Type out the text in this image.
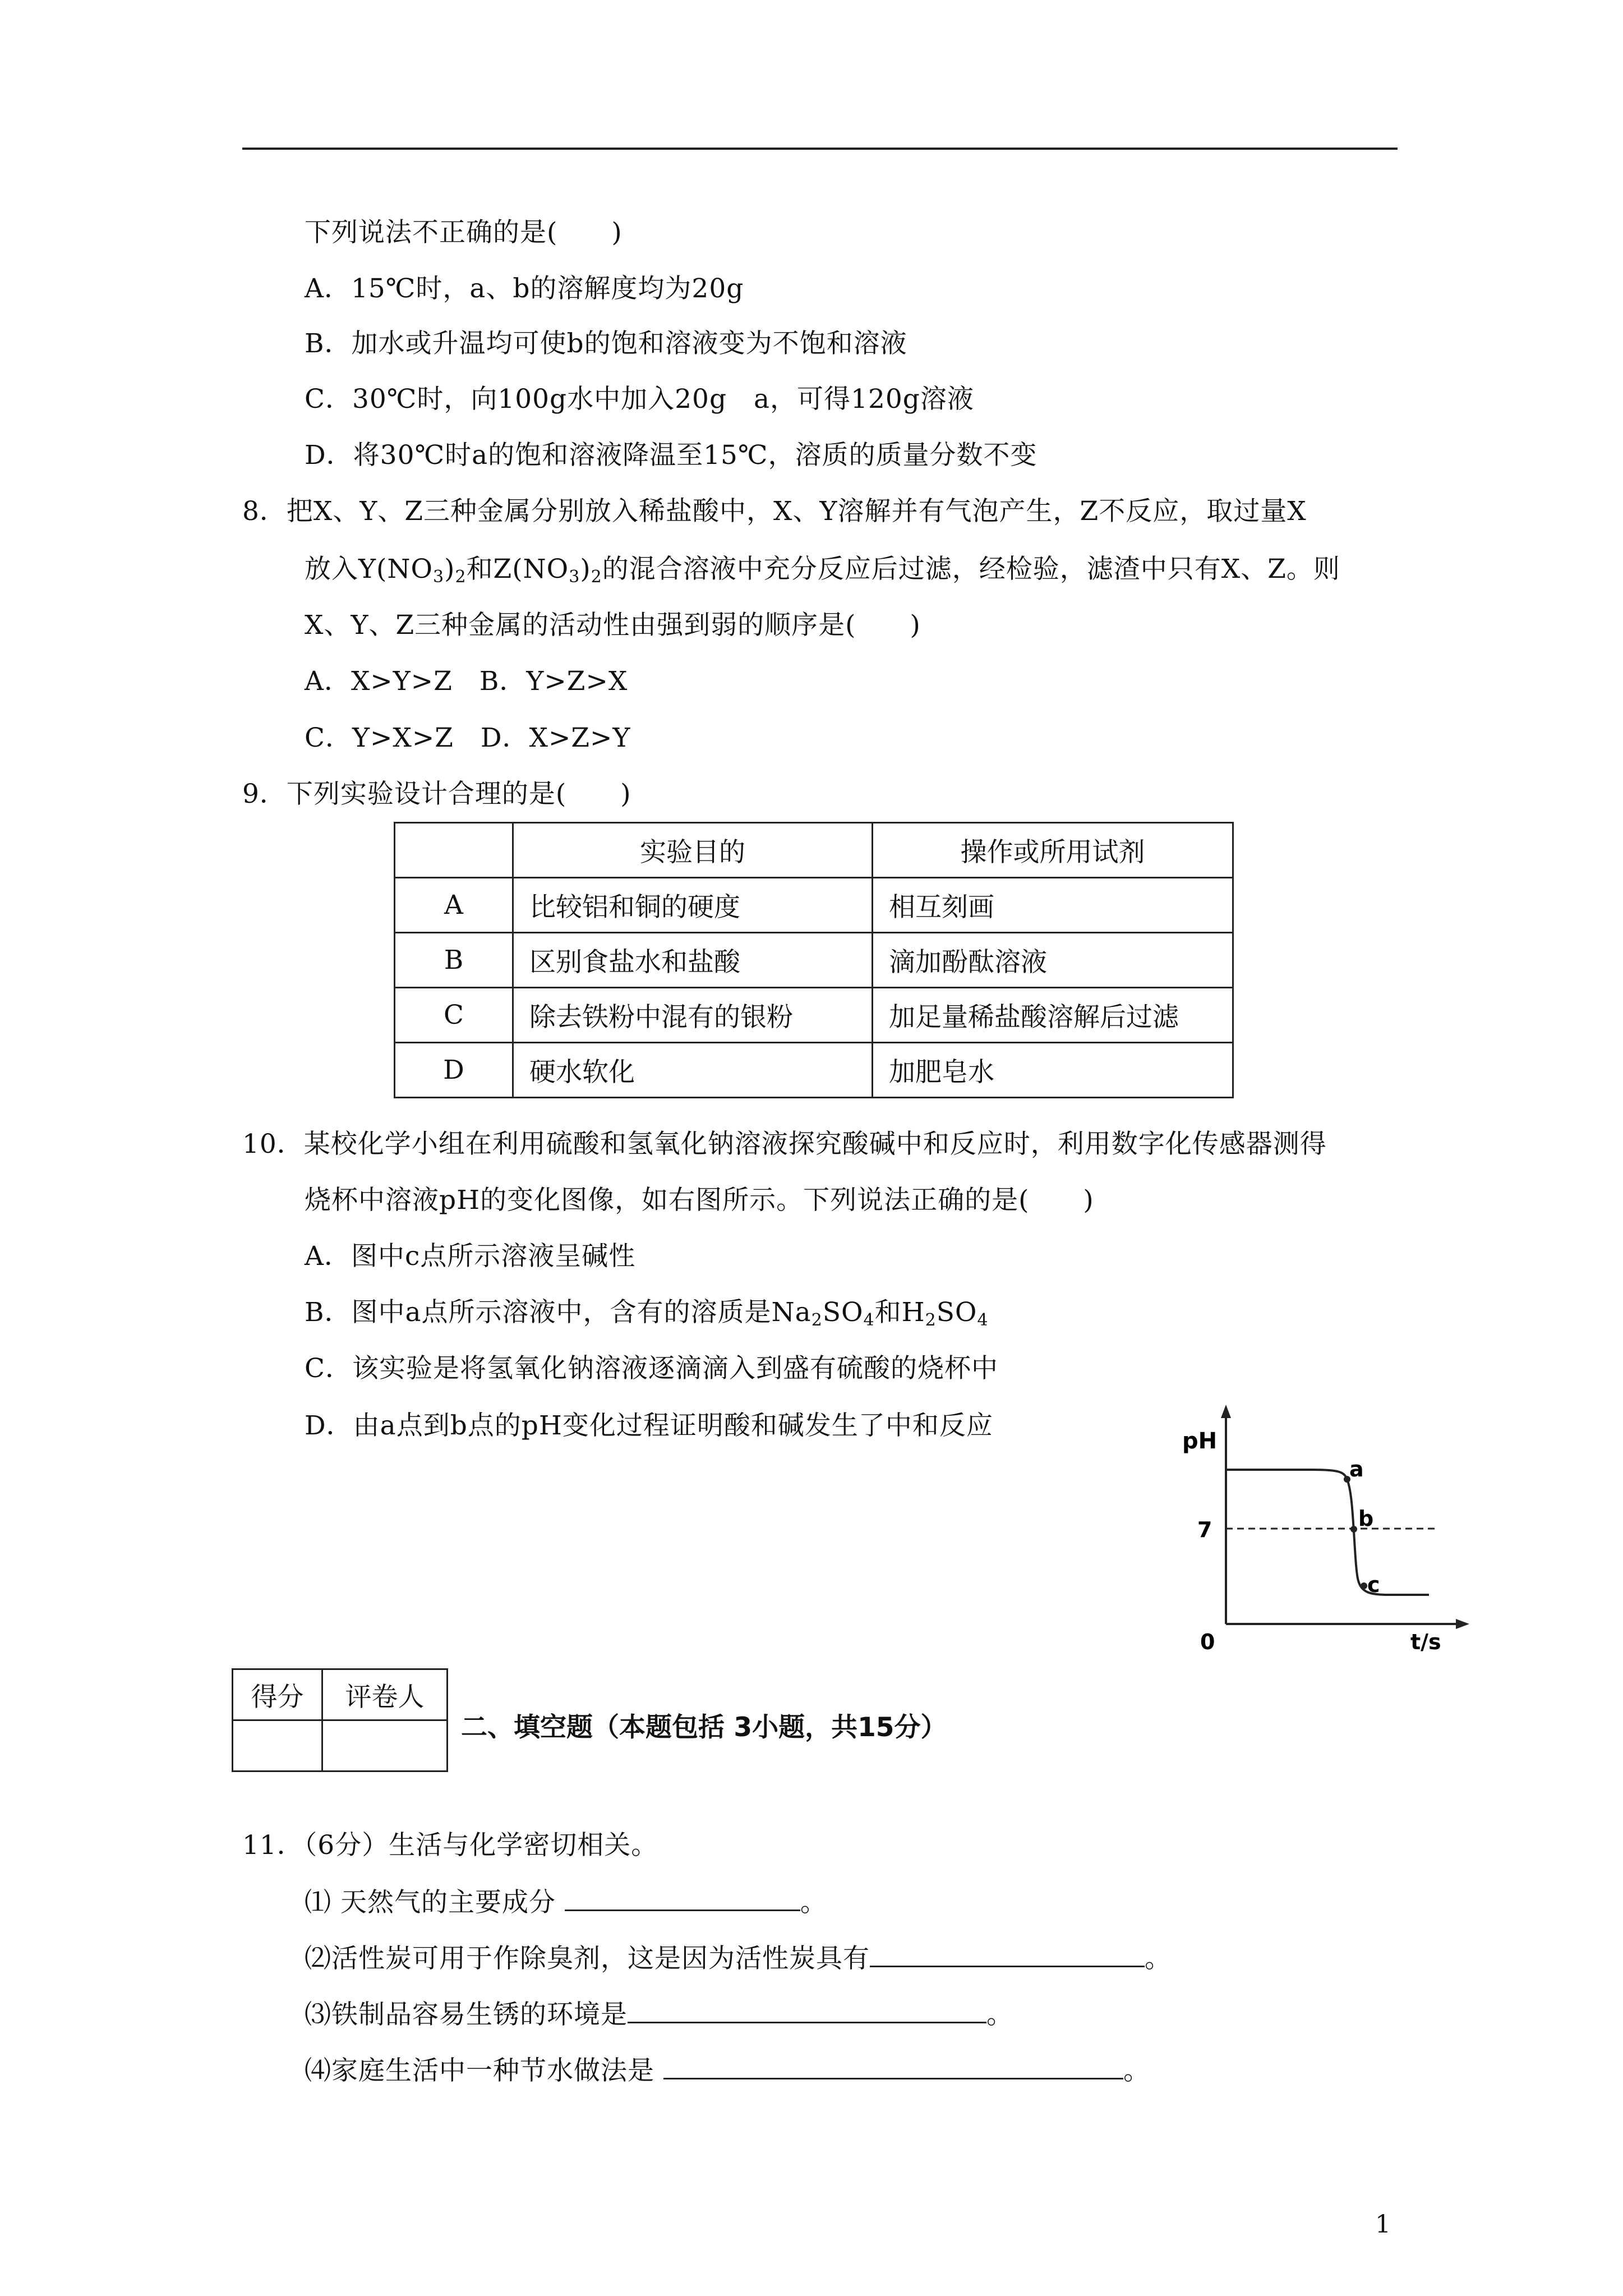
下列说法不正确的是(　　)
A．15℃时，a、b的溶解度均为20g
B．加水或升温均可使b的饱和溶液变为不饱和溶液
C．30℃时，向100g水中加入20g　a，可得120g溶液
D．将30℃时a的饱和溶液降温至15℃，溶质的质量分数不变
8．把X、Y、Z三种金属分别放入稀盐酸中，X、Y溶解并有气泡产生，Z不反应，取过量X
放入$Y(NO_3)_2$和$Z(NO_3)_2$的混合溶液中充分反应后过滤，经检验，滤渣中只有X、Z。则
X、Y、Z三种金属的活动性由强到弱的顺序是(　　)
A．X>Y>Z　B．Y>Z>X
C．Y>X>Z　D．X>Z>Y
9．下列实验设计合理的是(　　)
	实验目的	操作或所用试剂
A	比较铝和铜的硬度	相互刻画
B	区别食盐水和盐酸	滴加酚酞溶液
C	除去铁粉中混有的银粉	加足量稀盐酸溶解后过滤
D	硬水软化	加肥皂水
10．某校化学小组在利用硫酸和氢氧化钠溶液探究酸碱中和反应时，利用数字化传感器测得
烧杯中溶液pH的变化图像，如右图所示。下列说法正确的是(　　)
A．图中c点所示溶液呈碱性
B．图中a点所示溶液中，含有的溶质是$Na_2SO_4$和$H_2SO_4$
C．该实验是将氢氧化钠溶液逐滴滴入到盛有硫酸的烧杯中
D．由a点到b点的pH变化过程证明酸和碱发生了中和反应	pH
7
0	t/s
a
b
c
得分	评卷人

二、填空题（本题包括 3小题，共15分）
11．（6分）生活与化学密切相关。
⑴ 天然气的主要成分	。
⑵活性炭可用于作除臭剂，这是因为活性炭具有	。
⑶铁制品容易生锈的环境是	。
⑷家庭生活中一种节水做法是	。
1
